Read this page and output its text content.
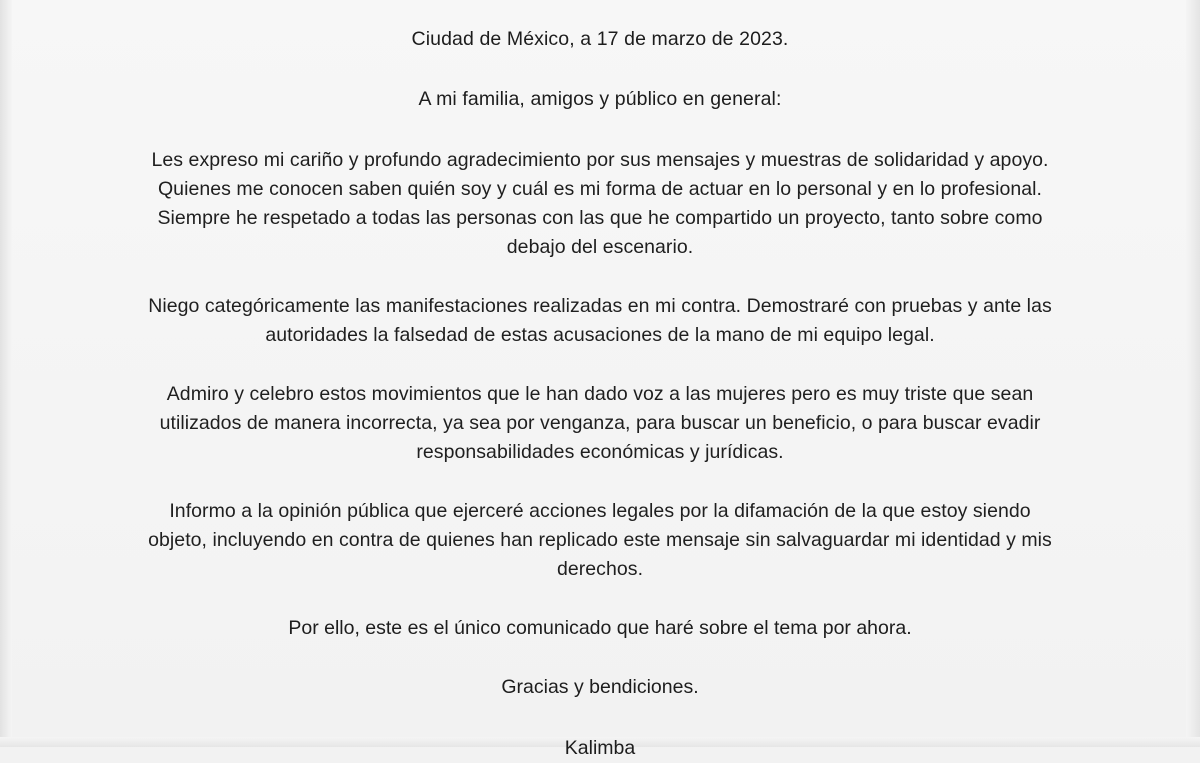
Ciudad de México, a 17 de marzo de 2023.

A mi familia, amigos y público en general:

Les expreso mi cariño y profundo agradecimiento por sus mensajes y muestras de solidaridad y apoyo. Quienes me conocen saben quién soy y cuál es mi forma de actuar en lo personal y en lo profesional. Siempre he respetado a todas las personas con las que he compartido un proyecto, tanto sobre como debajo del escenario.

Niego categóricamente las manifestaciones realizadas en mi contra. Demostraré con pruebas y ante las autoridades la falsedad de estas acusaciones de la mano de mi equipo legal.

Admiro y celebro estos movimientos que le han dado voz a las mujeres pero es muy triste que sean utilizados de manera incorrecta, ya sea por venganza, para buscar un beneficio, o para buscar evadir responsabilidades económicas y jurídicas.

Informo a la opinión pública que ejerceré acciones legales por la difamación de la que estoy siendo objeto, incluyendo en contra de quienes han replicado este mensaje sin salvaguardar mi identidad y mis derechos.

Por ello, este es el único comunicado que haré sobre el tema por ahora.

Gracias y bendiciones.

Kalimba
